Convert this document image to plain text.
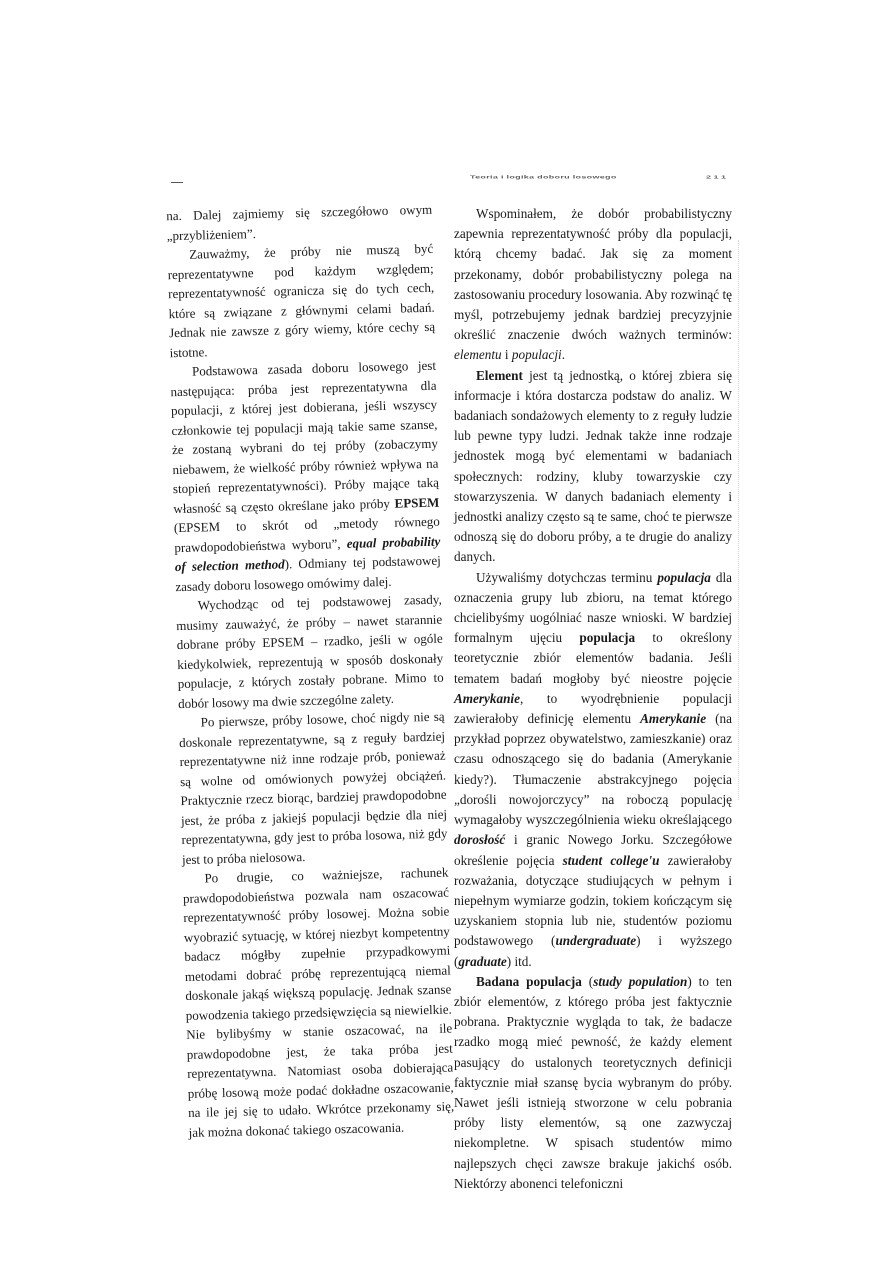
Teoria i logika doboru losowego	2 1 1

na. Dalej zajmiemy się szczegółowo owym „przybliżeniem”.

Zauważmy, że próby nie muszą być reprezentatywne pod każdym względem; reprezentatywność ogranicza się do tych cech, które są związane z głównymi celami badań. Jednak nie zawsze z góry wiemy, które cechy są istotne.

Podstawowa zasada doboru losowego jest następująca: próba jest reprezentatywna dla populacji, z której jest dobierana, jeśli wszyscy członkowie tej populacji mają takie same szanse, że zostaną wybrani do tej próby (zobaczymy niebawem, że wielkość próby również wpływa na stopień reprezentatywności). Próby mające taką własność są często określane jako próby EPSEM (EPSEM to skrót od „metody równego prawdopodobieństwa wyboru”, equal probability of selection method). Odmiany tej podstawowej zasady doboru losowego omówimy dalej.

Wychodząc od tej podstawowej zasady, musimy zauważyć, że próby – nawet starannie dobrane próby EPSEM – rzadko, jeśli w ogóle kiedykolwiek, reprezentują w sposób doskonały populacje, z których zostały pobrane. Mimo to dobór losowy ma dwie szczególne zalety.

Po pierwsze, próby losowe, choć nigdy nie są doskonale reprezentatywne, są z reguły bardziej reprezentatywne niż inne rodzaje prób, ponieważ są wolne od omówionych powyżej obciążeń. Praktycznie rzecz biorąc, bardziej prawdopodobne jest, że próba z jakiejś populacji będzie dla niej reprezentatywna, gdy jest to próba losowa, niż gdy jest to próba nielosowa.

Po drugie, co ważniejsze, rachunek prawdopodobieństwa pozwala nam oszacować reprezentatywność próby losowej. Można sobie wyobrazić sytuację, w której niezbyt kompetentny badacz mógłby zupełnie przypadkowymi metodami dobrać próbę reprezentującą niemal doskonale jakąś większą populację. Jednak szanse powodzenia takiego przedsięwzięcia są niewielkie. Nie bylibyśmy w stanie oszacować, na ile prawdopodobne jest, że taka próba jest reprezentatywna. Natomiast osoba dobierająca próbę losową może podać dokładne oszacowanie, na ile jej się to udało. Wkrótce przekonamy się, jak można dokonać takiego oszacowania.

Wspominałem, że dobór probabilistyczny zapewnia reprezentatywność próby dla populacji, którą chcemy badać. Jak się za moment przekonamy, dobór probabilistyczny polega na zastosowaniu procedury losowania. Aby rozwinąć tę myśl, potrzebujemy jednak bardziej precyzyjnie określić znaczenie dwóch ważnych terminów: elementu i populacji.

Element jest tą jednostką, o której zbiera się informacje i która dostarcza podstaw do analiz. W badaniach sondażowych elementy to z reguły ludzie lub pewne typy ludzi. Jednak także inne rodzaje jednostek mogą być elementami w badaniach społecznych: rodziny, kluby towarzyskie czy stowarzyszenia. W danych badaniach elementy i jednostki analizy często są te same, choć te pierwsze odnoszą się do doboru próby, a te drugie do analizy danych.

Używaliśmy dotychczas terminu populacja dla oznaczenia grupy lub zbioru, na temat którego chcielibyśmy uogólniać nasze wnioski. W bardziej formalnym ujęciu populacja to określony teoretycznie zbiór elementów badania. Jeśli tematem badań mogłoby być nieostre pojęcie Amerykanie, to wyodrębnienie populacji zawierałoby definicję elementu Amerykanie (na przykład poprzez obywatelstwo, zamieszkanie) oraz czasu odnoszącego się do badania (Amerykanie kiedy?). Tłumaczenie abstrakcyjnego pojęcia „dorośli nowojorczycy” na roboczą populację wymagałoby wyszczególnienia wieku określającego dorosłość i granic Nowego Jorku. Szczegółowe określenie pojęcia student college'u zawierałoby rozważania, dotyczące studiujących w pełnym i niepełnym wymiarze godzin, tokiem kończącym się uzyskaniem stopnia lub nie, studentów poziomu podstawowego (undergraduate) i wyższego (graduate) itd.

Badana populacja (study population) to ten zbiór elementów, z którego próba jest faktycznie pobrana. Praktycznie wygląda to tak, że badacze rzadko mogą mieć pewność, że każdy element pasujący do ustalonych teoretycznych definicji faktycznie miał szansę bycia wybranym do próby. Nawet jeśli istnieją stworzone w celu pobrania próby listy elementów, są one zazwyczaj niekompletne. W spisach studentów mimo najlepszych chęci zawsze brakuje jakichś osób. Niektórzy abonenci telefoniczni
